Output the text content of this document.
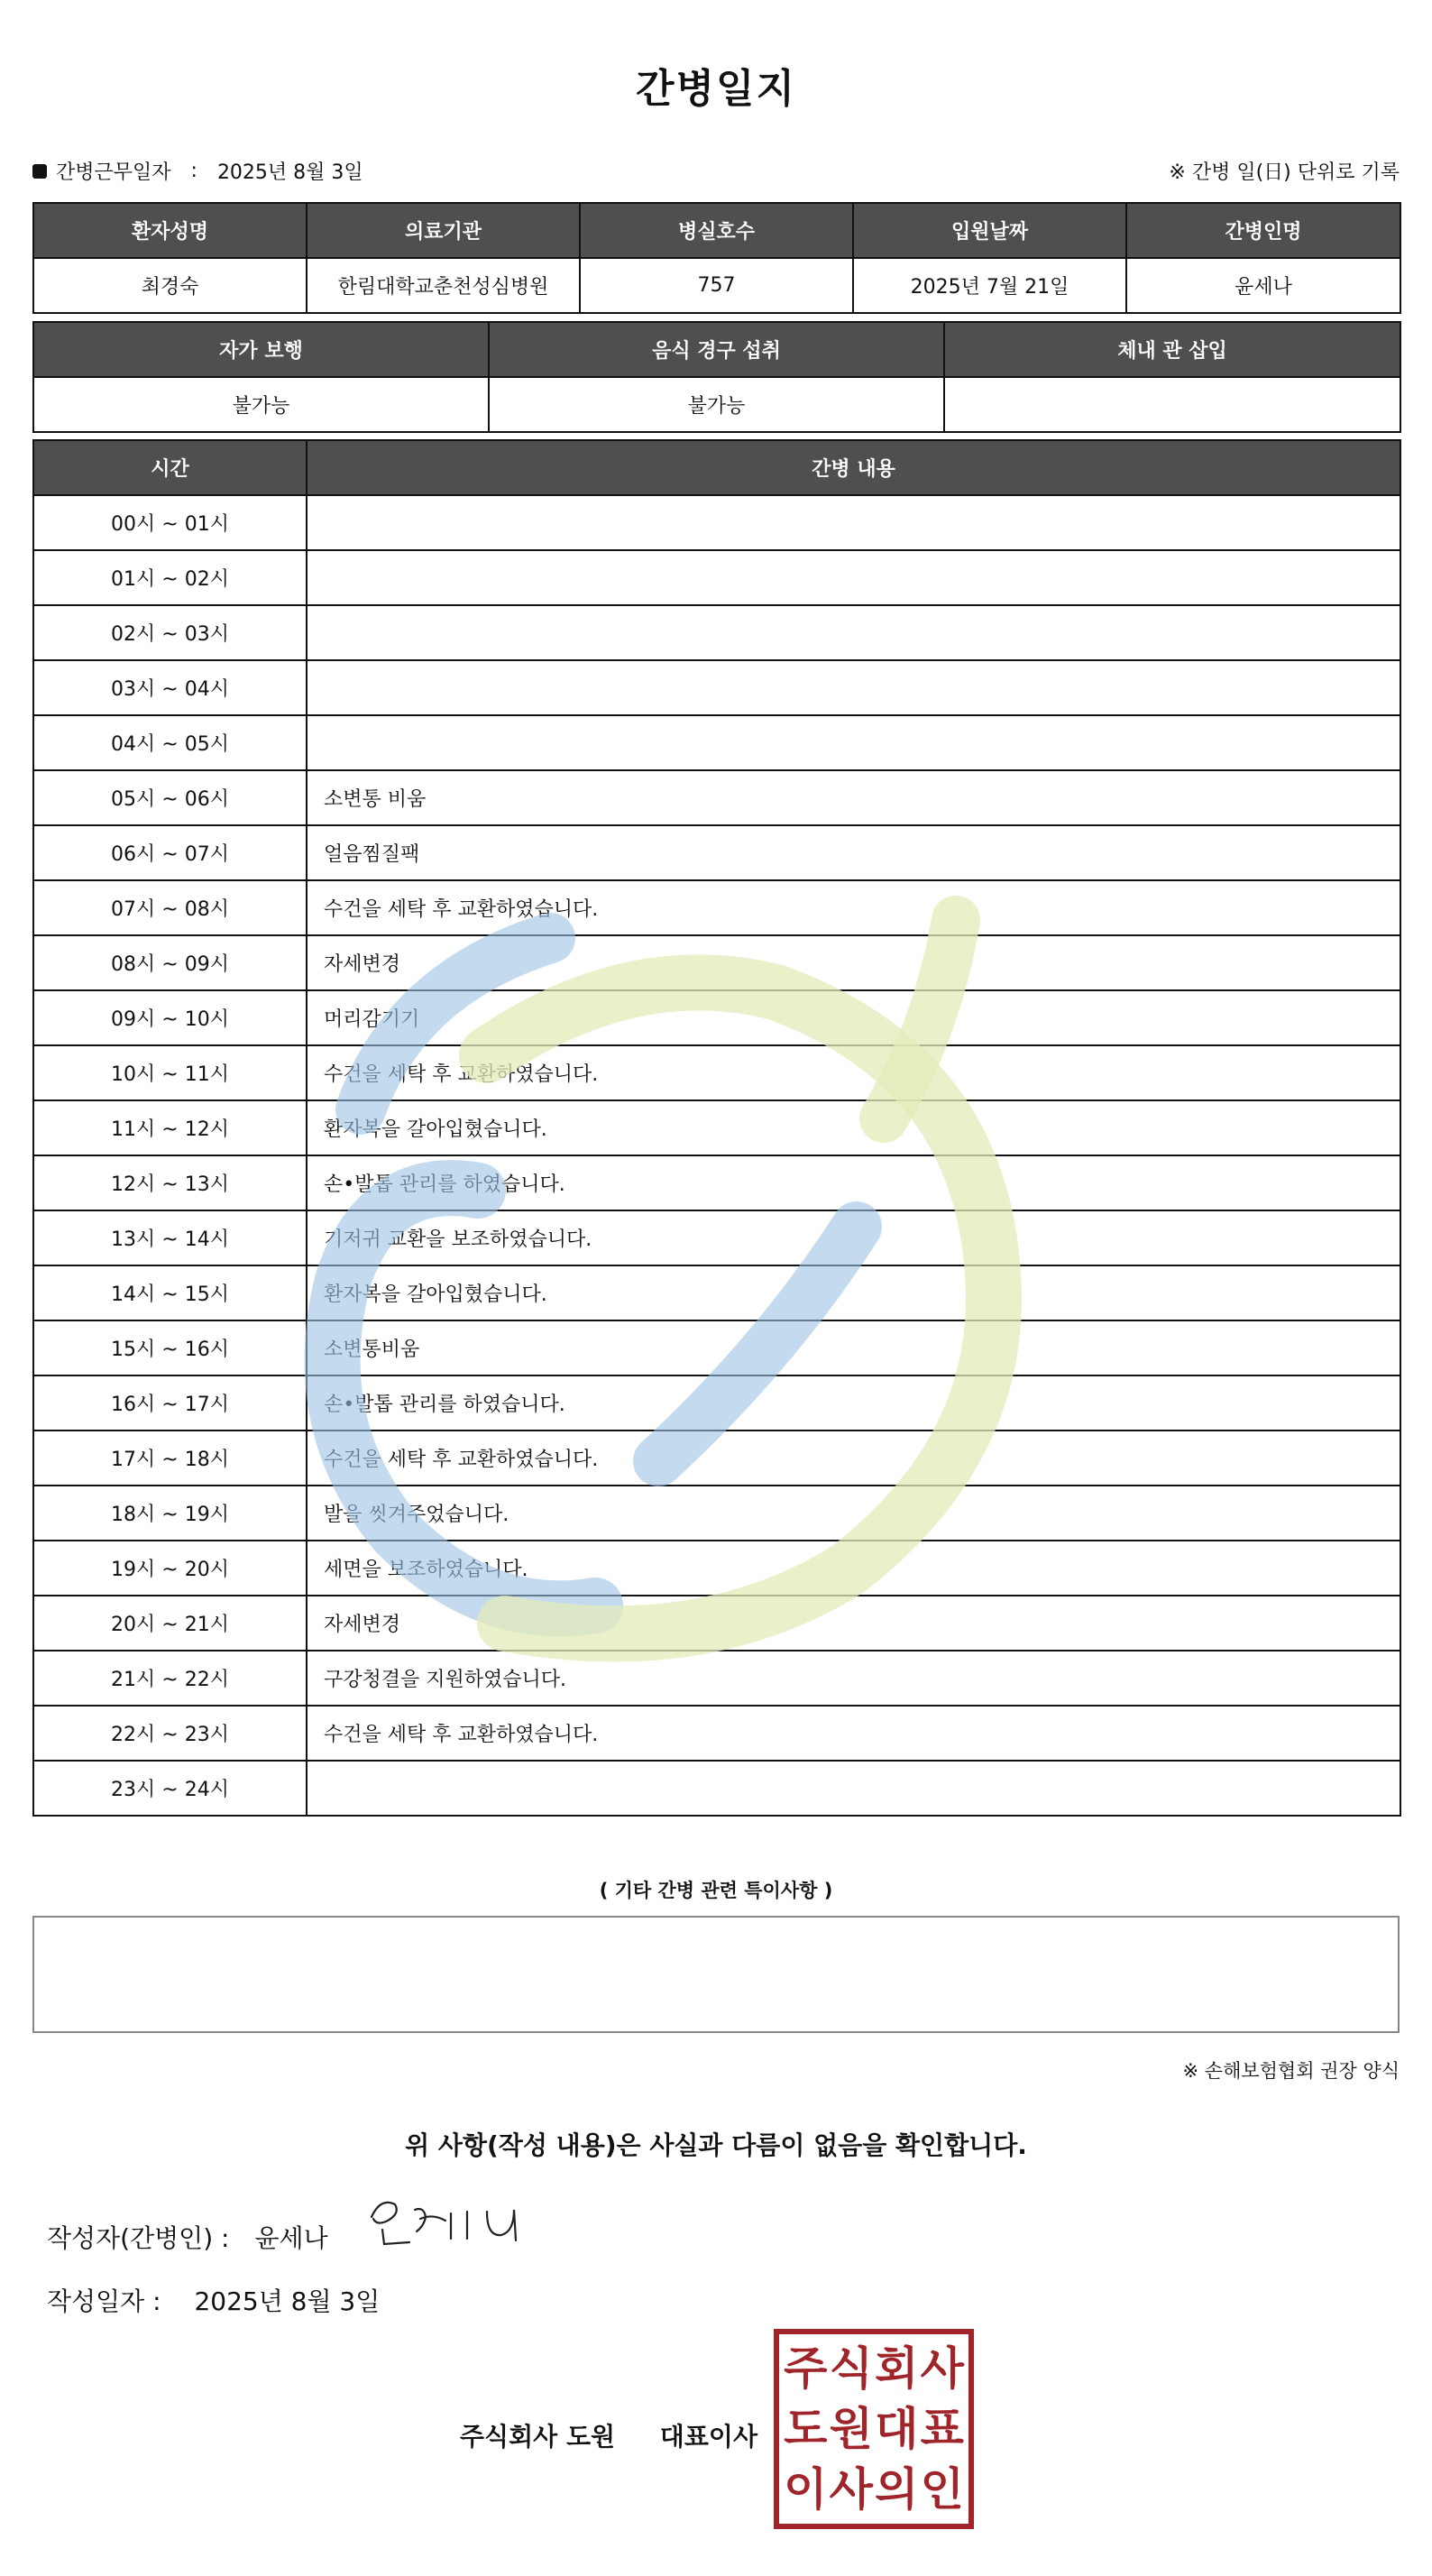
간병일지
간병근무일자 : 2025년 8월 3일	※ 간병 일(日) 단위로 기록
환자성명	의료기관	병실호수	입원날짜	간병인명
최경숙	한림대학교춘천성심병원	757	2025년 7월 21일	윤세나
자가 보행	음식 경구 섭취	체내 관 삽입
불가능	불가능	
시간	간병 내용
00시 ~ 01시	
01시 ~ 02시	
02시 ~ 03시	
03시 ~ 04시	
04시 ~ 05시	
05시 ~ 06시	소변통 비움
06시 ~ 07시	얼음찜질팩
07시 ~ 08시	수건을 세탁 후 교환하였습니다.
08시 ~ 09시	자세변경
09시 ~ 10시	머리감기기
10시 ~ 11시	수건을 세탁 후 교환하였습니다.
11시 ~ 12시	환자복을 갈아입혔습니다.
12시 ~ 13시	손•발톱 관리를 하였습니다.
13시 ~ 14시	기저귀 교환을 보조하였습니다.
14시 ~ 15시	환자복을 갈아입혔습니다.
15시 ~ 16시	소변통비움
16시 ~ 17시	손•발톱 관리를 하였습니다.
17시 ~ 18시	수건을 세탁 후 교환하였습니다.
18시 ~ 19시	발을 씻겨주었습니다.
19시 ~ 20시	세면을 보조하였습니다.
20시 ~ 21시	자세변경
21시 ~ 22시	구강청결을 지원하였습니다.
22시 ~ 23시	수건을 세탁 후 교환하였습니다.
23시 ~ 24시	
( 기타 간병 관련 특이사항 )
※ 손해보험협회 권장 양식
위 사항(작성 내용)은 사실과 다름이 없음을 확인합니다.
작성자(간병인) : 윤세나
작성일자 : 2025년 8월 3일
주식회사 도원 대표이사
주 식 회 사
도 원 대 표
이 사 의 인
